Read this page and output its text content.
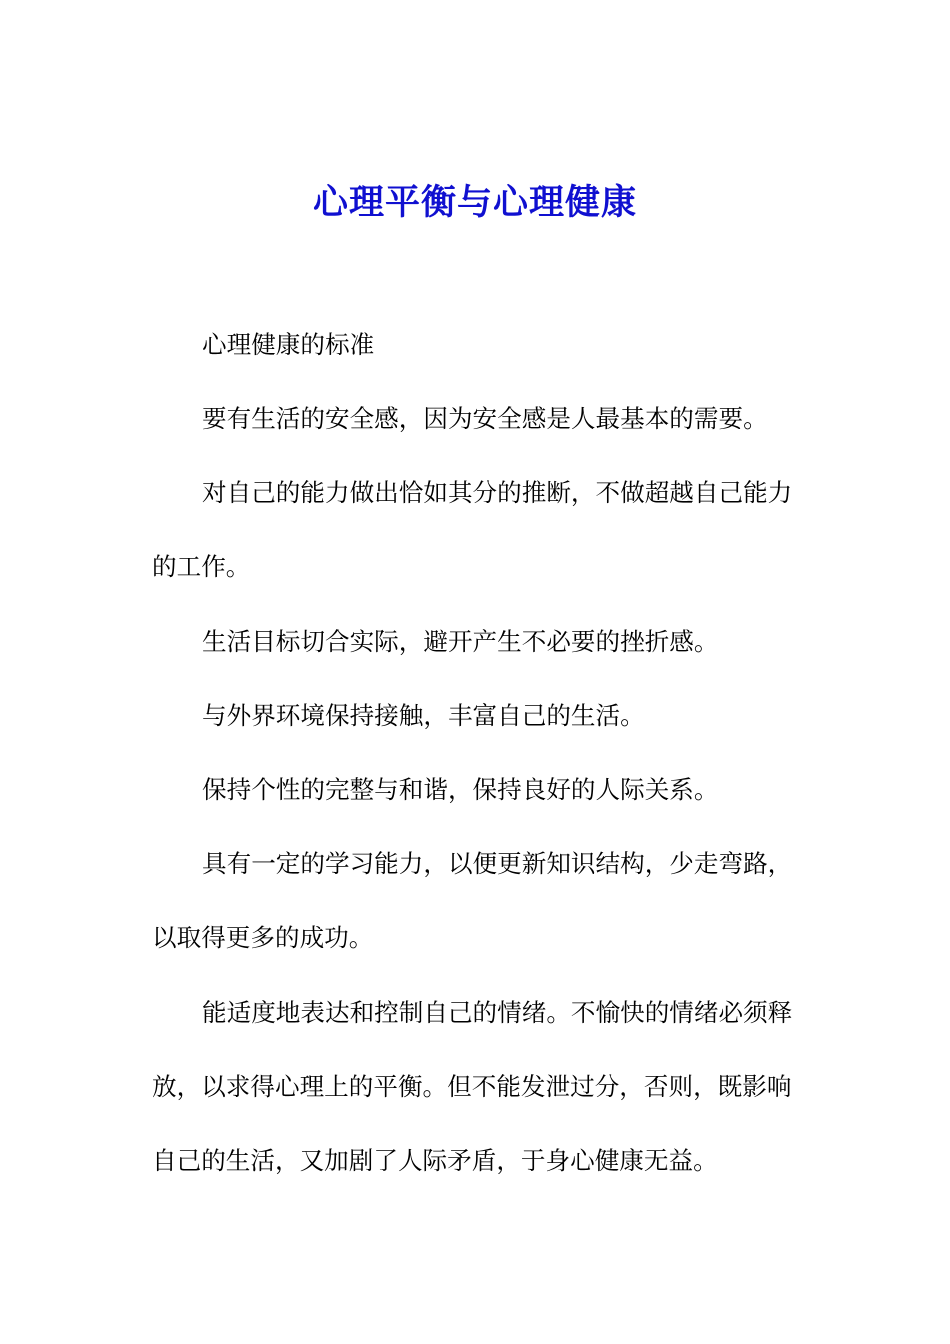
心理平衡与心理健康

心理健康的标准

要有生活的安全感，因为安全感是人最基本的需要。

对自己的能力做出恰如其分的推断，不做超越自己能力的工作。

生活目标切合实际，避开产生不必要的挫折感。

与外界环境保持接触，丰富自己的生活。

保持个性的完整与和谐，保持良好的人际关系。

具有一定的学习能力，以便更新知识结构，少走弯路，以取得更多的成功。

能适度地表达和控制自己的情绪。不愉快的情绪必须释放，以求得心理上的平衡。但不能发泄过分，否则，既影响自己的生活，又加剧了人际矛盾，于身心健康无益。
